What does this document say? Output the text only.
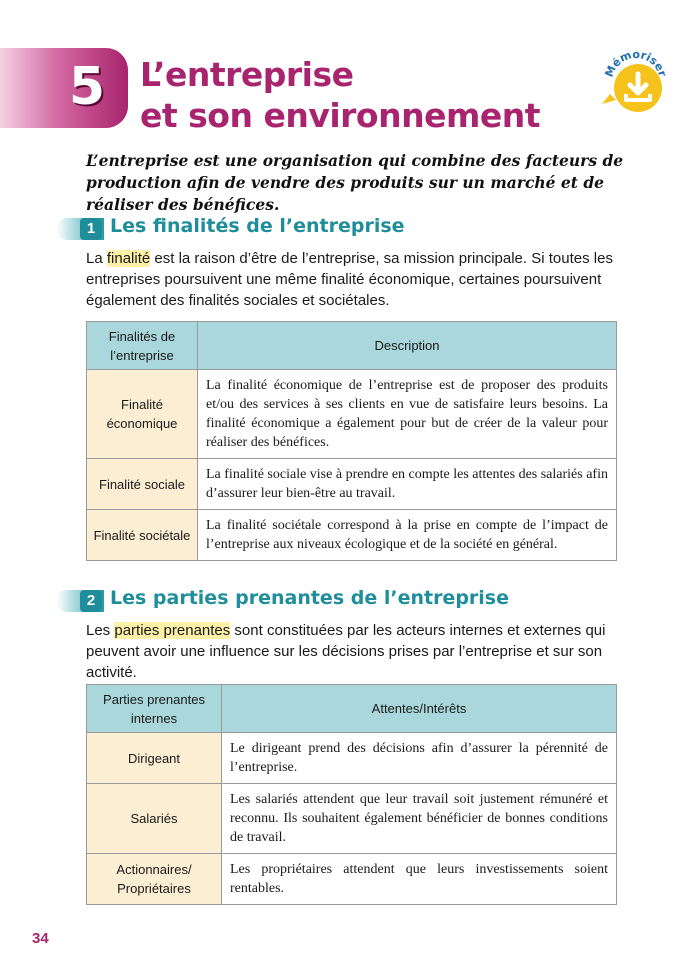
5 L’entreprise
et son environnement
Mémoriser
L’entreprise est une organisation qui combine des facteurs de production afin de vendre des produits sur un marché et de réaliser des bénéfices.
1 Les finalités de l’entreprise
La finalité est la raison d’être de l’entreprise, sa mission principale. Si toutes les entreprises poursuivent une même finalité économique, certaines poursuivent également des finalités sociales et sociétales.
Finalités de l’entreprise	Description
Finalité économique	La finalité économique de l’entreprise est de proposer des produits et/ou des services à ses clients en vue de satisfaire leurs besoins. La finalité économique a également pour but de créer de la valeur pour réaliser des bénéfices.
Finalité sociale	La finalité sociale vise à prendre en compte les attentes des salariés afin d’assurer leur bien-être au travail.
Finalité sociétale	La finalité sociétale correspond à la prise en compte de l’impact de l’entreprise aux niveaux écologique et de la société en général.
2 Les parties prenantes de l’entreprise
Les parties prenantes sont constituées par les acteurs internes et externes qui peuvent avoir une influence sur les décisions prises par l’entreprise et sur son activité.
Parties prenantes internes	Attentes/Intérêts
Dirigeant	Le dirigeant prend des décisions afin d’assurer la pérennité de l’entreprise.
Salariés	Les salariés attendent que leur travail soit justement rémunéré et reconnu. Ils souhaitent également bénéficier de bonnes conditions de travail.
Actionnaires/ Propriétaires	Les propriétaires attendent que leurs investissements soient rentables.
34
